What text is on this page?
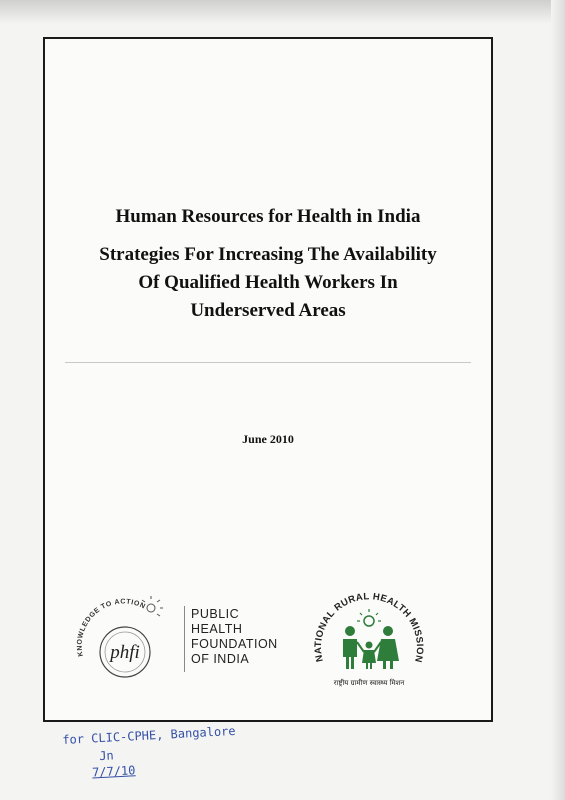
Human Resources for Health in India
Strategies For Increasing The Availability
Of Qualified Health Workers In
Underserved Areas
June 2010
KNOWLEDGE TO ACTION
phfi
PUBLIC
HEALTH
FOUNDATION
OF INDIA	NATIONAL RURAL HEALTH MISSION
राष्ट्रीय ग्रामीण स्वास्थ्य मिशन
for CLIC-CPHE, Bangalore
Jn
7/7/10
